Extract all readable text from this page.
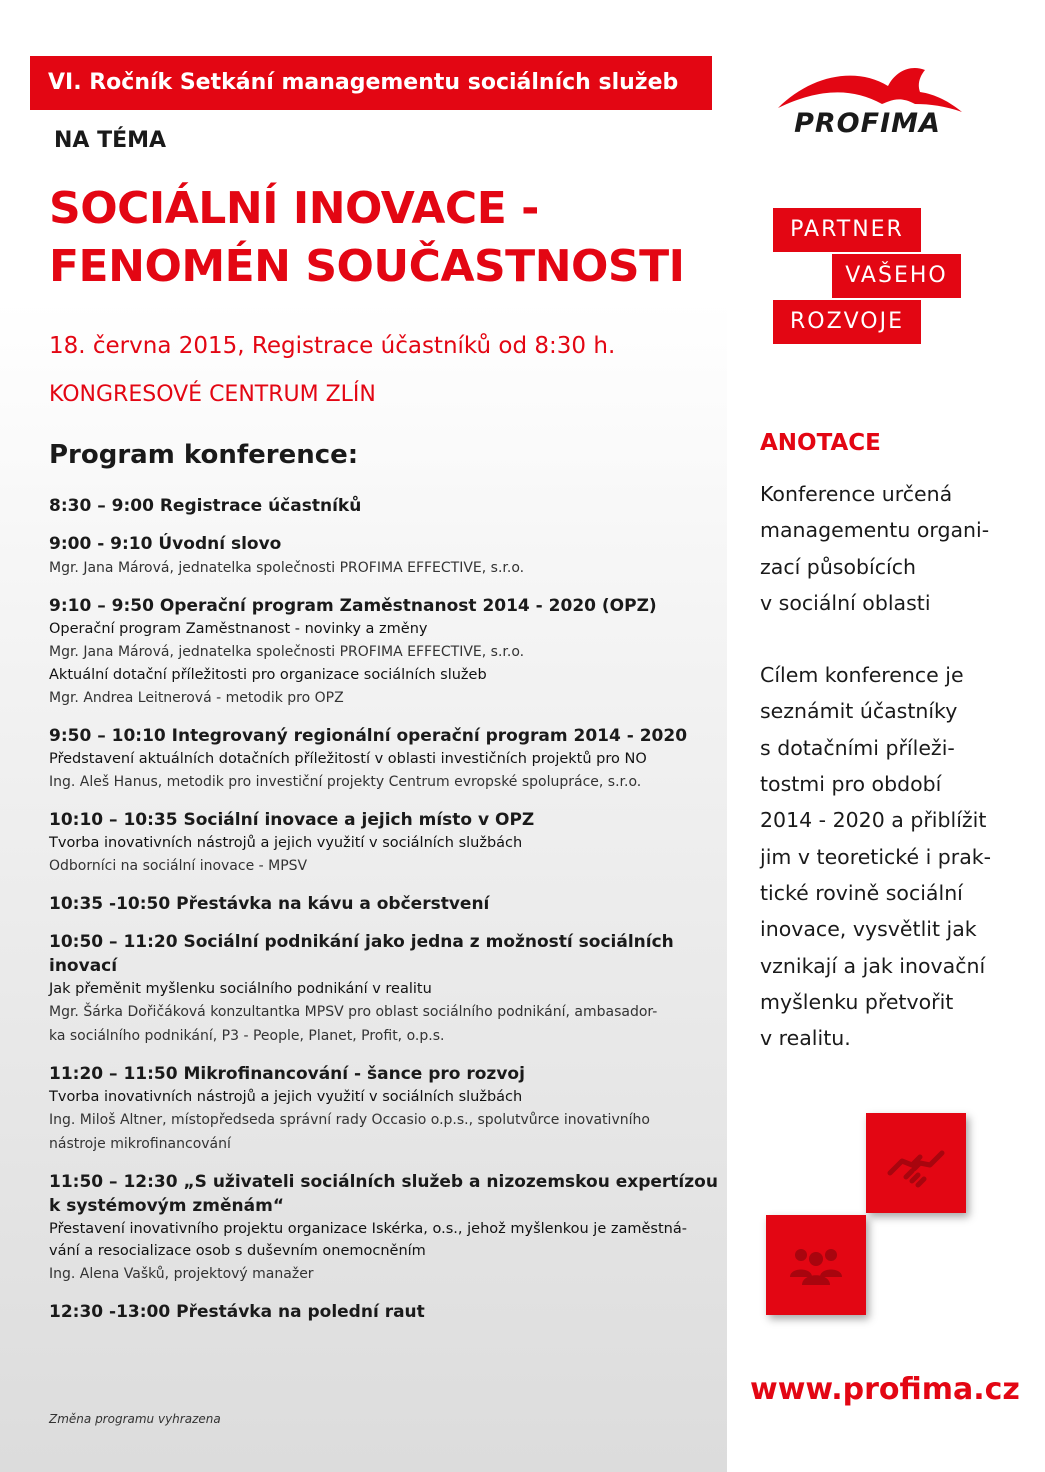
VI. Ročník Setkání managementu sociálních služeb
NA TÉMA
SOCIÁLNÍ INOVACE -
FENOMÉN SOUČASTNOSTI
18. června 2015, Registrace účastníků od 8:30 h.
KONGRESOVÉ CENTRUM ZLÍN
Program konference:
8:30 – 9:00 Registrace účastníků
9:00 - 9:10 Úvodní slovo
Mgr. Jana Márová, jednatelka společnosti PROFIMA EFFECTIVE, s.r.o.
9:10 – 9:50 Operační program Zaměstnanost 2014 - 2020 (OPZ)
Operační program Zaměstnanost - novinky a změny
Mgr. Jana Márová, jednatelka společnosti PROFIMA EFFECTIVE, s.r.o.
Aktuální dotační příležitosti pro organizace sociálních služeb
Mgr. Andrea Leitnerová - metodik pro OPZ
9:50 – 10:10 Integrovaný regionální operační program 2014 - 2020
Představení aktuálních dotačních příležitostí v oblasti investičních projektů pro NO
Ing. Aleš Hanus, metodik pro investiční projekty Centrum evropské spolupráce, s.r.o.
10:10 – 10:35 Sociální inovace a jejich místo v OPZ
Tvorba inovativních nástrojů a jejich využití v sociálních službách
Odborníci na sociální inovace - MPSV
10:35 -10:50 Přestávka na kávu a občerstvení
10:50 – 11:20 Sociální podnikání jako jedna z možností sociálních inovací
Jak přeměnit myšlenku sociálního podnikání v realitu
Mgr. Šárka Dořičáková konzultantka MPSV pro oblast sociálního podnikání, ambasador-
ka sociálního podnikání, P3 - People, Planet, Profit, o.p.s.
11:20 – 11:50 Mikrofinancování - šance pro rozvoj
Tvorba inovativních nástrojů a jejich využití v sociálních službách
Ing. Miloš Altner, místopředseda správní rady Occasio o.p.s., spolutvůrce inovativního
nástroje mikrofinancování
11:50 – 12:30 „S uživateli sociálních služeb a nizozemskou expertízou k systémovým změnám“
Přestavení inovativního projektu organizace Iskérka, o.s., jehož myšlenkou je zaměstná-
vání a resocializace osob s duševním onemocněním
Ing. Alena Vašků, projektový manažer
12:30 -13:00 Přestávka na polední raut
Změna programu vyhrazena
PROFIMA
PARTNER
VAŠEHO
ROZVOJE
ANOTACE
Konference určená
managementu organi-
zací působících
v sociální oblasti
Cílem konference je
seznámit účastníky
s dotačními příleži-
tostmi pro období
2014 - 2020 a přiblížit
jim v teoretické i prak-
tické rovině sociální
inovace, vysvětlit jak
vznikají a jak inovační
myšlenku přetvořit
v realitu.
www.profima.cz
